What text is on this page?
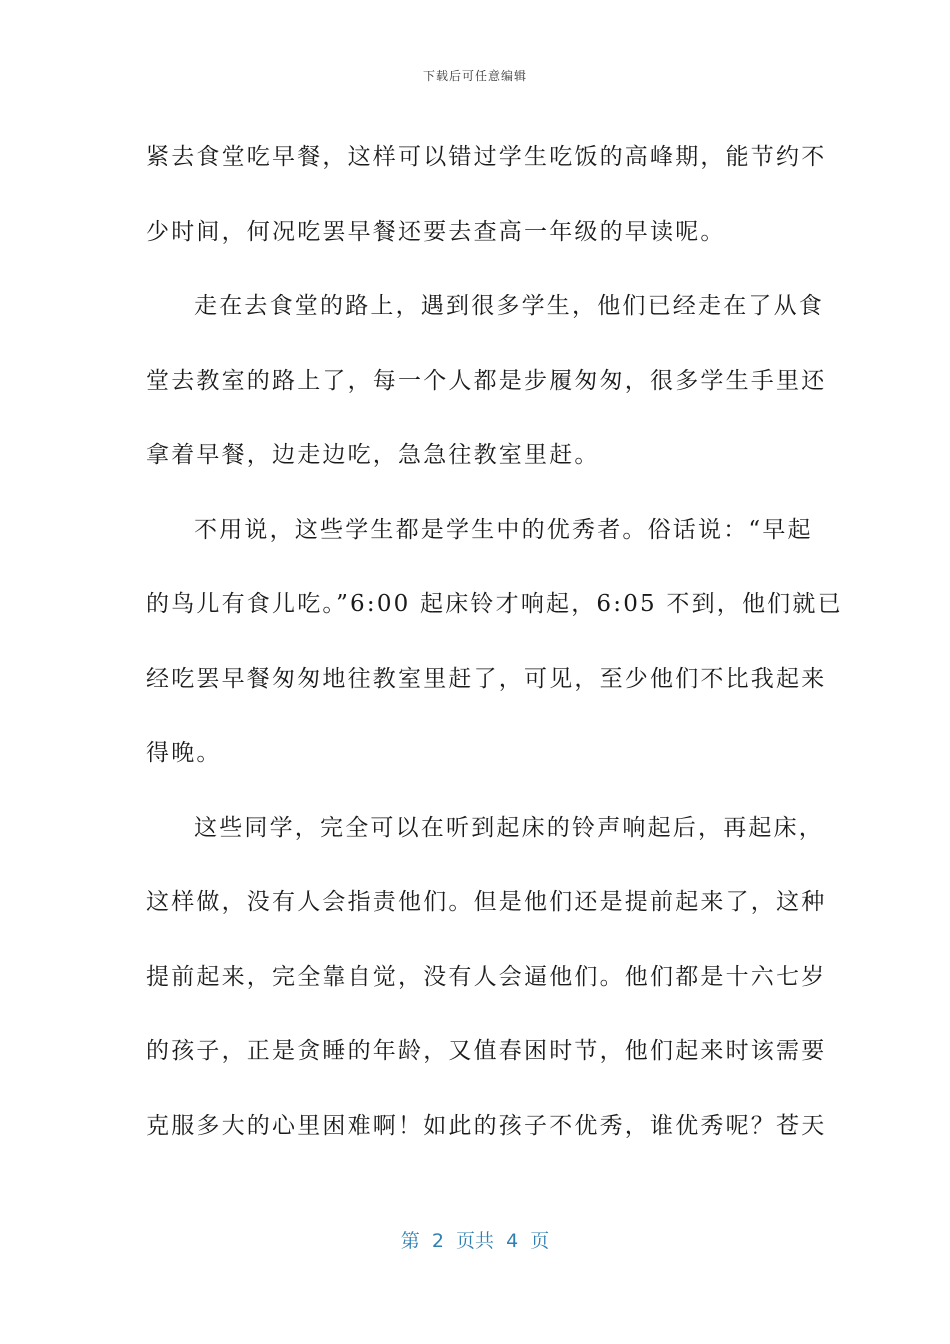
下载后可任意编辑
紧去食堂吃早餐，这样可以错过学生吃饭的高峰期，能节约不
少时间，何况吃罢早餐还要去查高一年级的早读呢。
走在去食堂的路上，遇到很多学生，他们已经走在了从食
堂去教室的路上了，每一个人都是步履匆匆，很多学生手里还
拿着早餐，边走边吃，急急往教室里赶。
不用说，这些学生都是学生中的优秀者。俗话说：“早起
的鸟儿有食儿吃。”6:00 起床铃才响起，6:05 不到，他们就已
经吃罢早餐匆匆地往教室里赶了，可见，至少他们不比我起来
得晚。
这些同学，完全可以在听到起床的铃声响起后，再起床，
这样做，没有人会指责他们。但是他们还是提前起来了，这种
提前起来，完全靠自觉，没有人会逼他们。他们都是十六七岁
的孩子，正是贪睡的年龄，又值春困时节，他们起来时该需要
克服多大的心里困难啊！如此的孩子不优秀，谁优秀呢？苍天
第  2  页共  4  页
